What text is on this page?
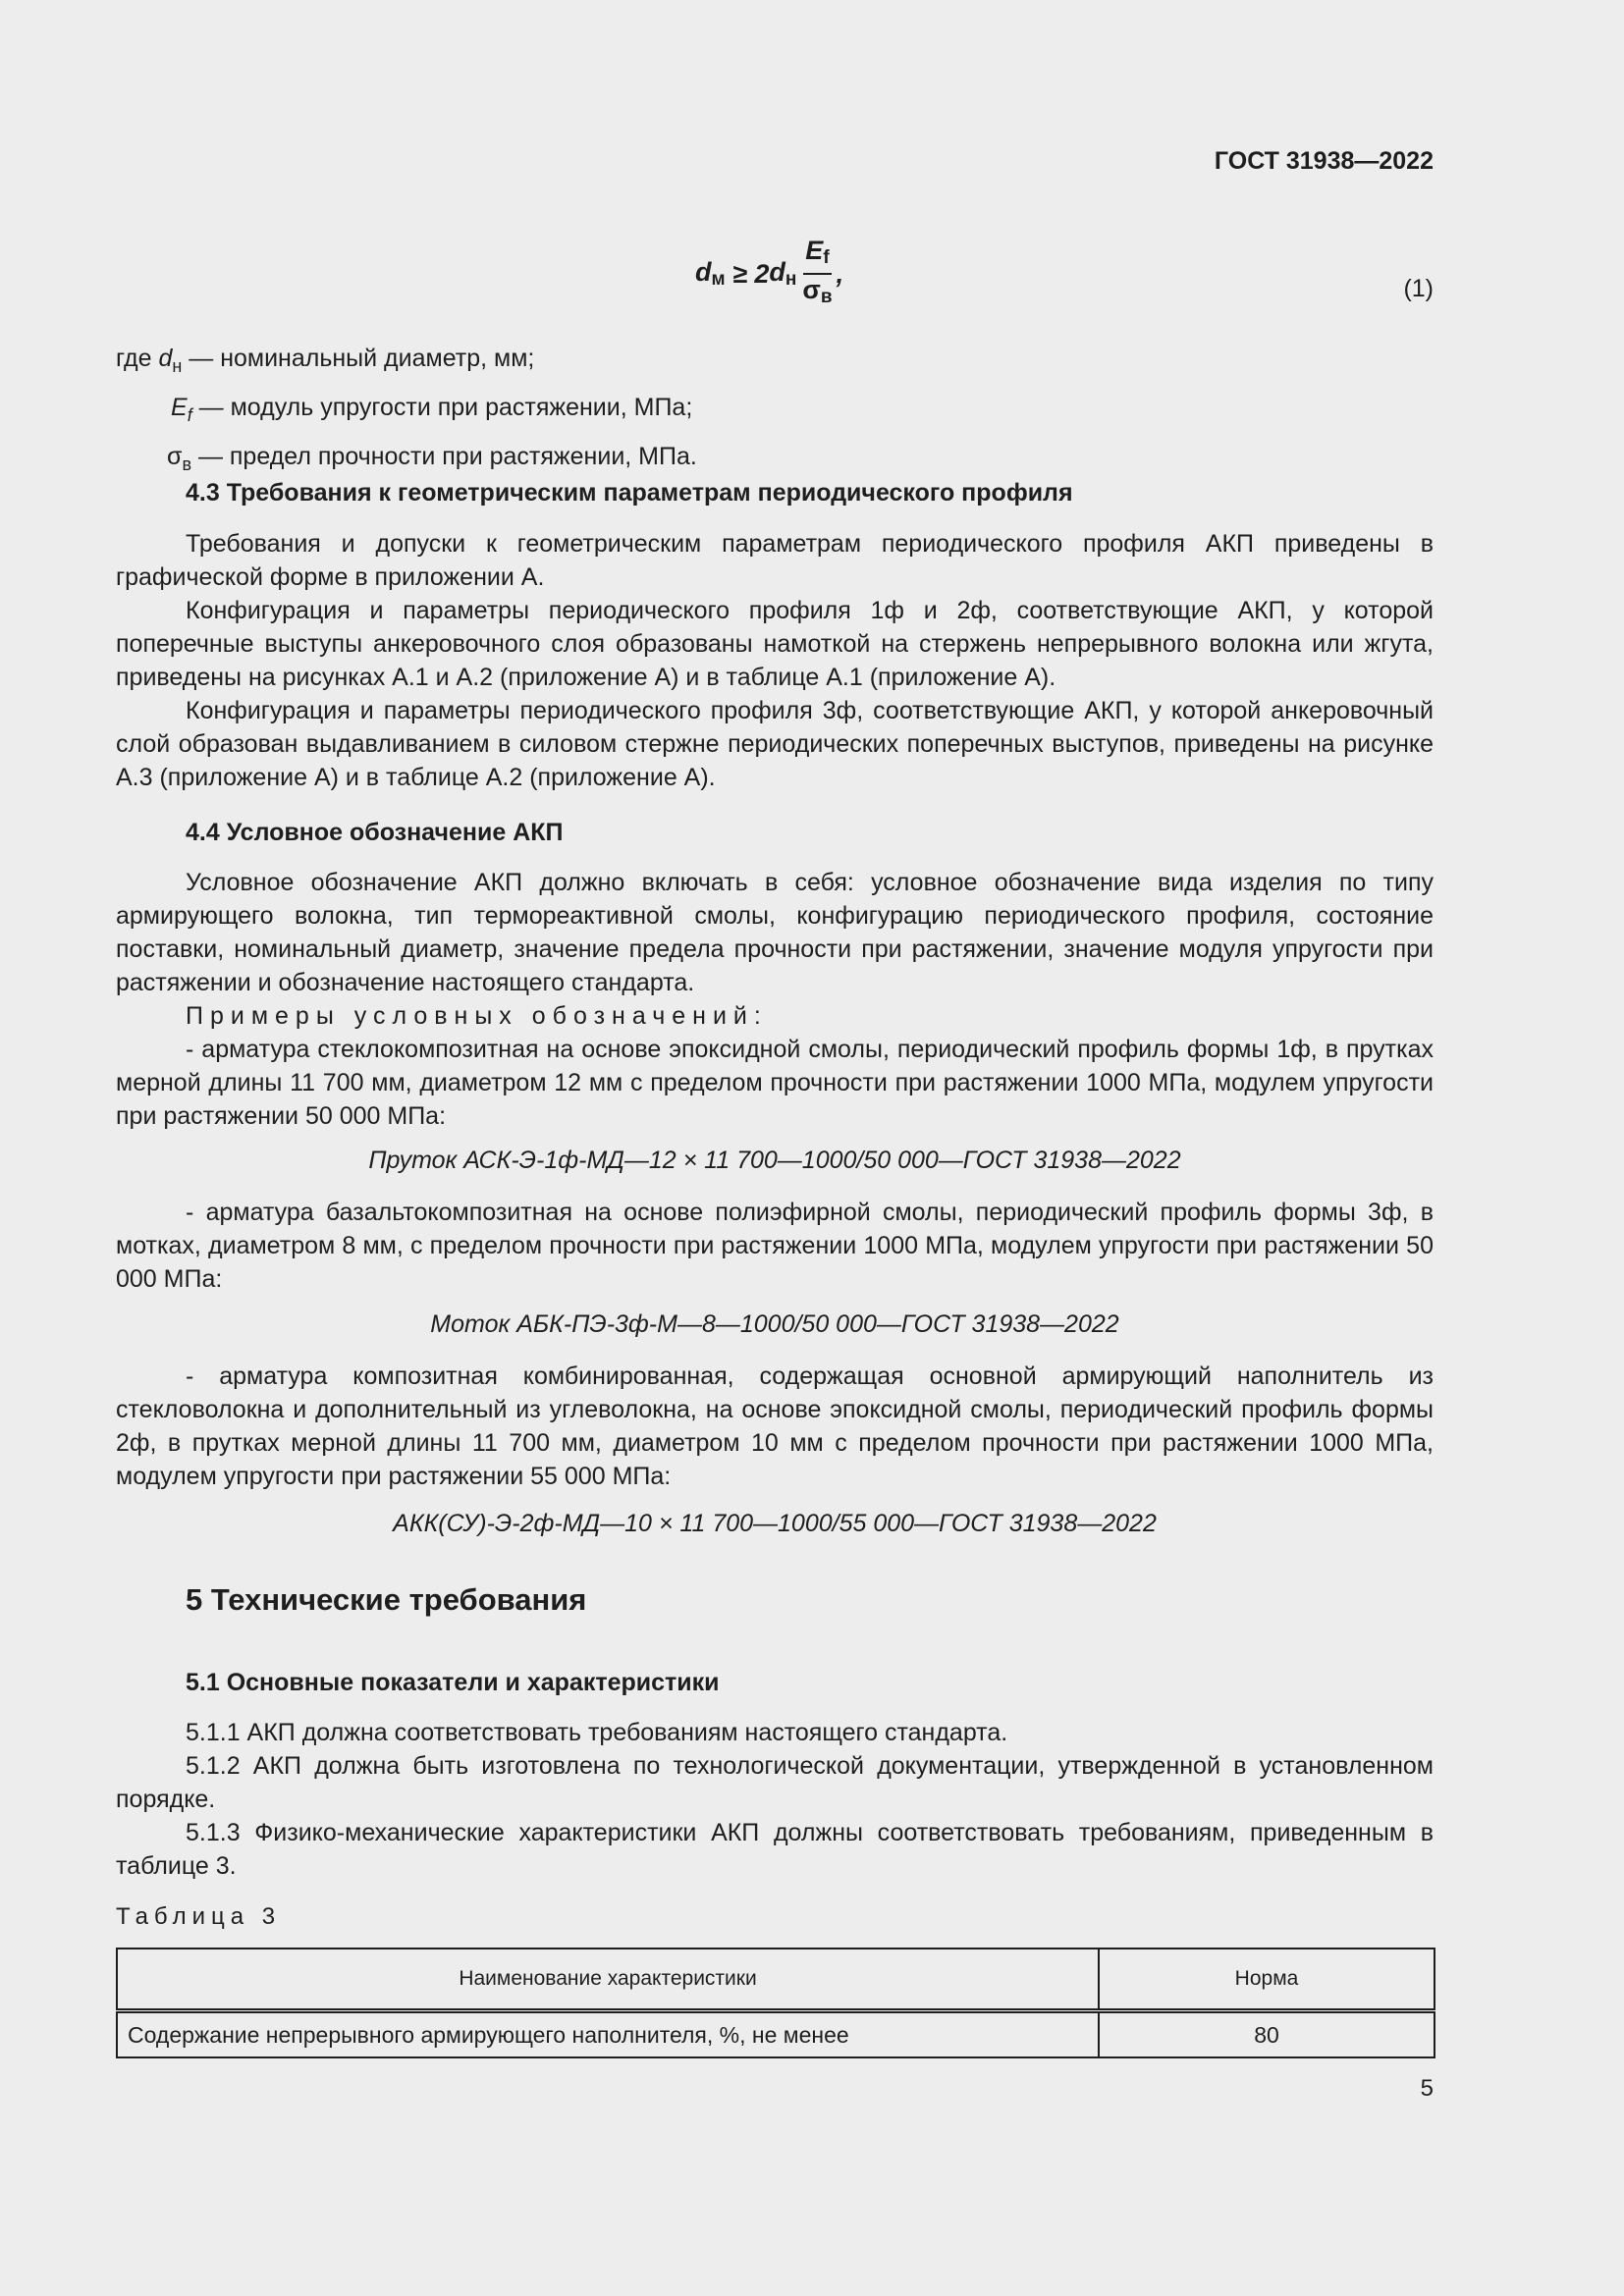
ГОСТ 31938—2022
$d_м \ge 2$ $d_н \frac{E_f}{\sigma_в}$ ,
(1)
где $d_н$ — номинальный диаметр, мм;
$E_f$ — модуль упругости при растяжении, МПа;
$\sigma_в$ — предел прочности при растяжении, МПа.
4.3 Требования к геометрическим параметрам периодического профиля

Требования и допуски к геометрическим параметрам периодического профиля АКП приведены в графической форме в приложении А.

Конфигурация и параметры периодического профиля 1ф и 2ф, соответствующие АКП, у которой поперечные выступы анкеровочного слоя образованы намоткой на стержень непрерывного волокна или жгута, приведены на рисунках А.1 и А.2 (приложение А) и в таблице А.1 (приложение А).

Конфигурация и параметры периодического профиля 3ф, соответствующие АКП, у которой анкеровочный слой образован выдавливанием в силовом стержне периодических поперечных выступов, приведены на рисунке А.3 (приложение А) и в таблице А.2 (приложение А).

4.4 Условное обозначение АКП

Условное обозначение АКП должно включать в себя: условное обозначение вида изделия по типу армирующего волокна, тип термореактивной смолы, конфигурацию периодического профиля, состояние поставки, номинальный диаметр, значение предела прочности при растяжении, значение модуля упругости при растяжении и обозначение настоящего стандарта.

Примеры условных обозначений:

- арматура стеклокомпозитная на основе эпоксидной смолы, периодический профиль формы 1ф, в прутках мерной длины 11 700 мм, диаметром 12 мм с пределом прочности при растяжении 1000 МПа, модулем упругости при растяжении 50 000 МПа:

Пруток АСК-Э-1ф-МД—12 × 11 700—1000/50 000—ГОСТ 31938—2022

- арматура базальтокомпозитная на основе полиэфирной смолы, периодический профиль формы 3ф, в мотках, диаметром 8 мм, с пределом прочности при растяжении 1000 МПа, модулем упругости при растяжении 50 000 МПа:

Моток АБК-ПЭ-3ф-М—8—1000/50 000—ГОСТ 31938—2022

- арматура композитная комбинированная, содержащая основной армирующий наполнитель из стекловолокна и дополнительный из углеволокна, на основе эпоксидной смолы, периодический профиль формы 2ф, в прутках мерной длины 11 700 мм, диаметром 10 мм с пределом прочности при растяжении 1000 МПа, модулем упругости при растяжении 55 000 МПа:

АКК(СУ)-Э-2ф-МД—10 × 11 700—1000/55 000—ГОСТ 31938—2022
5 Технические требования
5.1 Основные показатели и характеристики

5.1.1 АКП должна соответствовать требованиям настоящего стандарта.

5.1.2 АКП должна быть изготовлена по технологической документации, утвержденной в установленном порядке.

5.1.3 Физико-механические характеристики АКП должны соответствовать требованиям, приведенным в таблице 3.

Таблица 3
Наименование характеристики	Норма
Содержание непрерывного армирующего наполнителя, %, не менее	80
5
